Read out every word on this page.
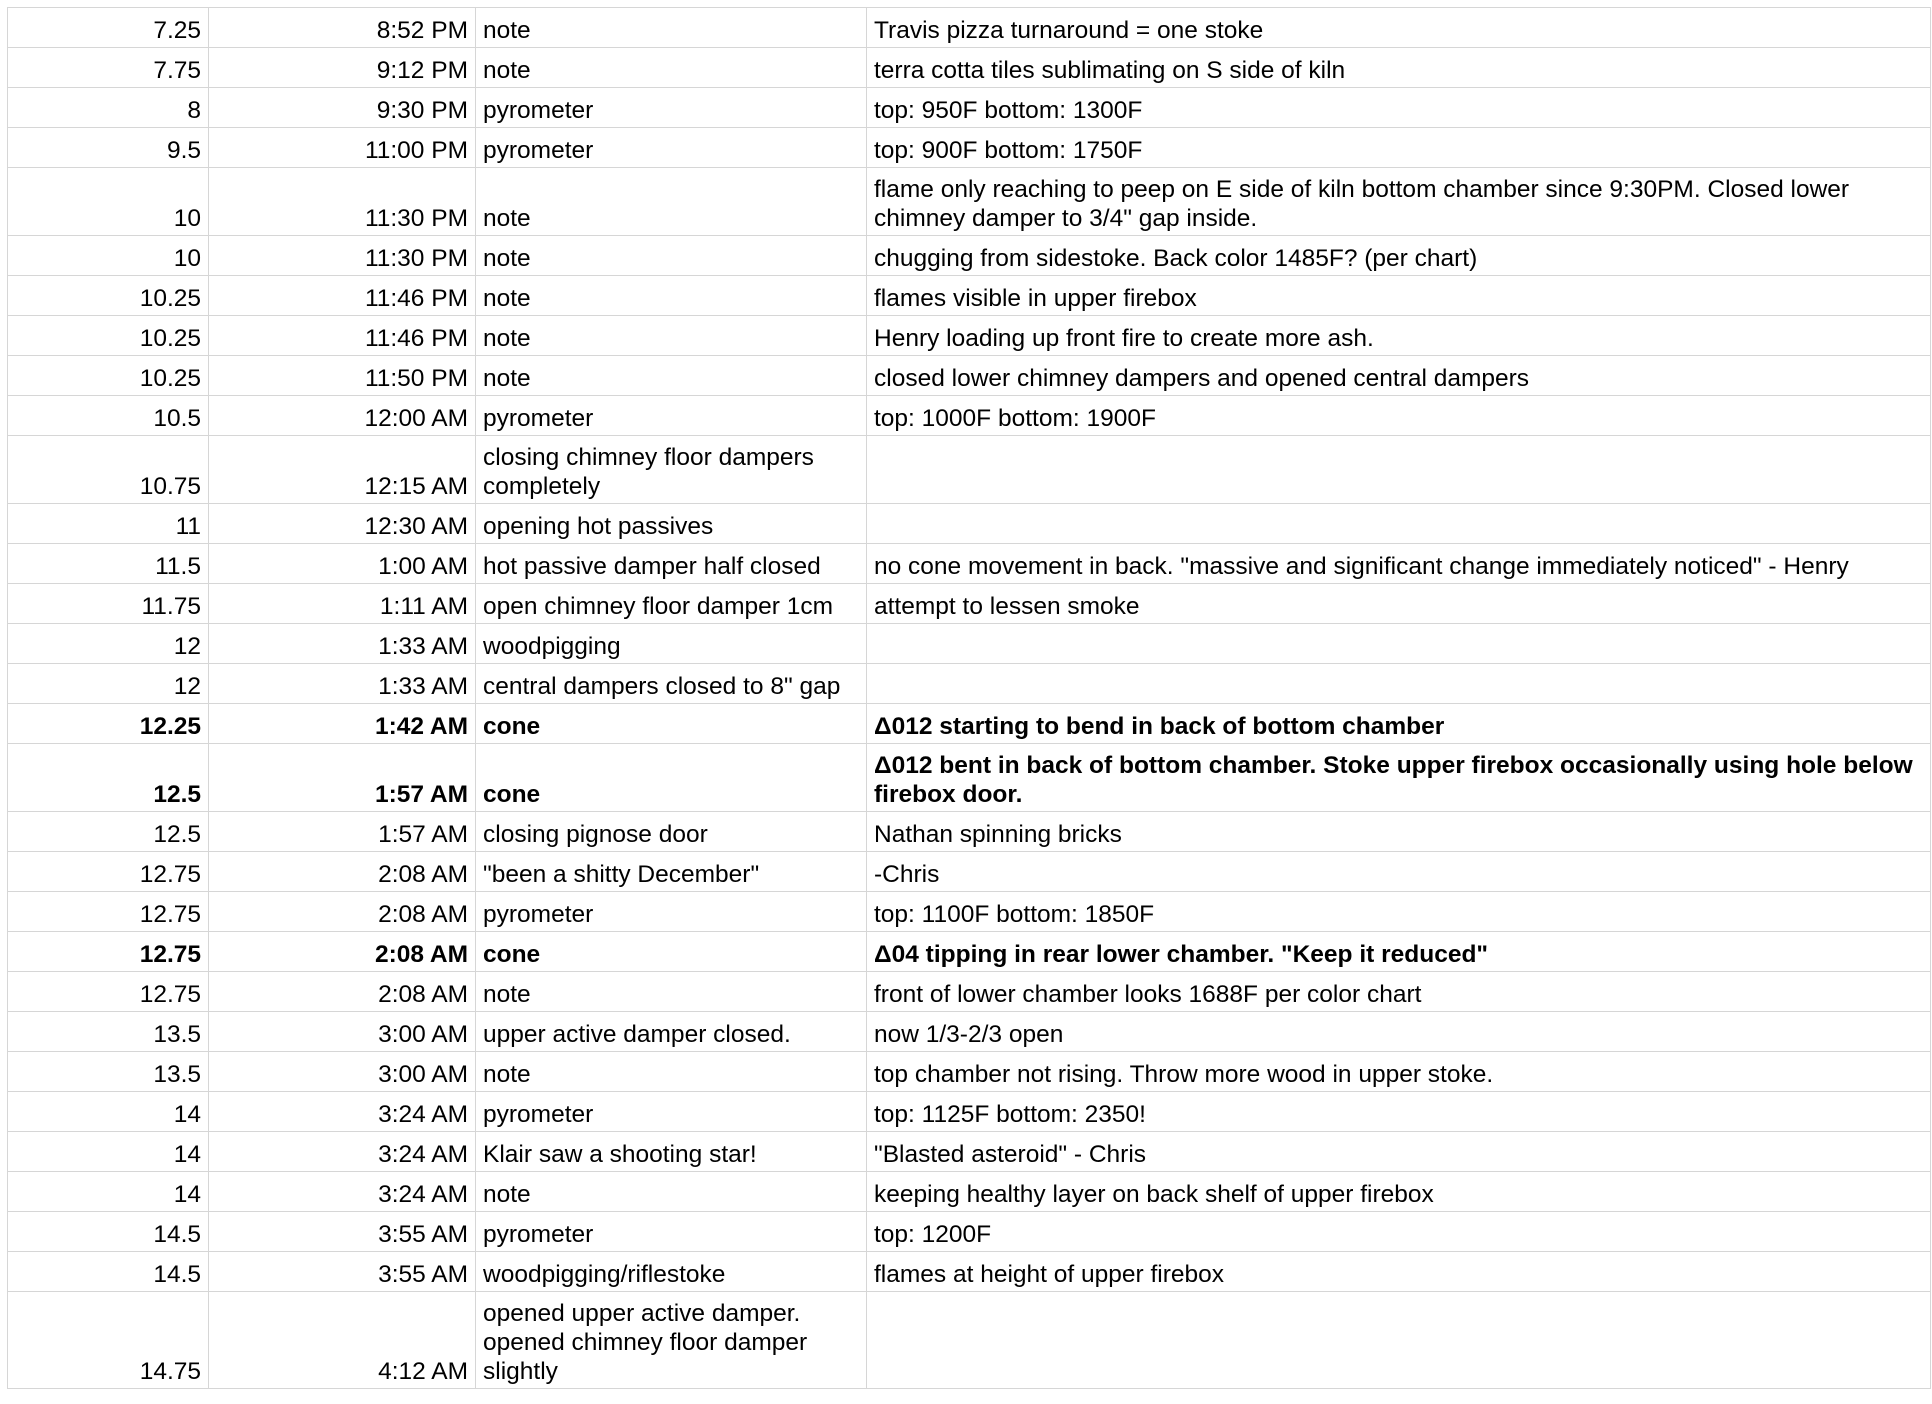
7.25	8:52 PM	note	Travis pizza turnaround = one stoke
7.75	9:12 PM	note	terra cotta tiles sublimating on S side of kiln
8	9:30 PM	pyrometer	top: 950F bottom: 1300F
9.5	11:00 PM	pyrometer	top: 900F bottom: 1750F
10	11:30 PM	note	flame only reaching to peep on E side of kiln bottom chamber since 9:30PM. Closed lower chimney damper to 3/4" gap inside.
10	11:30 PM	note	chugging from sidestoke. Back color 1485F? (per chart)
10.25	11:46 PM	note	flames visible in upper firebox
10.25	11:46 PM	note	Henry loading up front fire to create more ash.
10.25	11:50 PM	note	closed lower chimney dampers and opened central dampers
10.5	12:00 AM	pyrometer	top: 1000F bottom: 1900F
10.75	12:15 AM	closing chimney floor dampers completely	
11	12:30 AM	opening hot passives	
11.5	1:00 AM	hot passive damper half closed	no cone movement in back. "massive and significant change immediately noticed" - Henry
11.75	1:11 AM	open chimney floor damper 1cm	attempt to lessen smoke
12	1:33 AM	woodpigging	
12	1:33 AM	central dampers closed to 8" gap	
12.25	1:42 AM	cone	Δ012 starting to bend in back of bottom chamber
12.5	1:57 AM	cone	Δ012 bent in back of bottom chamber. Stoke upper firebox occasionally using hole below firebox door.
12.5	1:57 AM	closing pignose door	Nathan spinning bricks
12.75	2:08 AM	"been a shitty December"	-Chris
12.75	2:08 AM	pyrometer	top: 1100F bottom: 1850F
12.75	2:08 AM	cone	Δ04 tipping in rear lower chamber. "Keep it reduced"
12.75	2:08 AM	note	front of lower chamber looks 1688F per color chart
13.5	3:00 AM	upper active damper closed.	now 1/3-2/3 open
13.5	3:00 AM	note	top chamber not rising. Throw more wood in upper stoke.
14	3:24 AM	pyrometer	top: 1125F bottom: 2350!
14	3:24 AM	Klair saw a shooting star!	"Blasted asteroid" - Chris
14	3:24 AM	note	keeping healthy layer on back shelf of upper firebox
14.5	3:55 AM	pyrometer	top: 1200F
14.5	3:55 AM	woodpigging/riflestoke	flames at height of upper firebox
14.75	4:12 AM	opened upper active damper. opened chimney floor damper slightly	
